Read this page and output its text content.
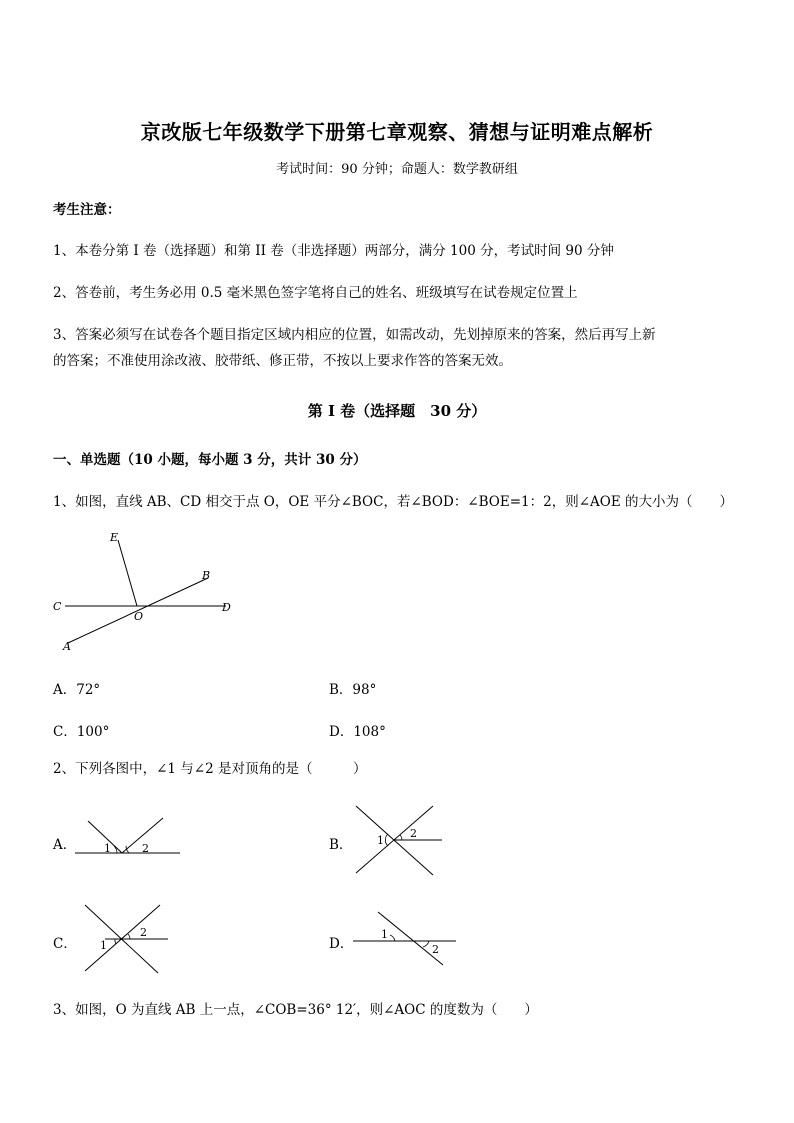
京改版七年级数学下册第七章观察、猜想与证明难点解析
考试时间：90 分钟；命题人：数学教研组
考生注意：
1、本卷分第 I 卷（选择题）和第 II 卷（非选择题）两部分，满分 100 分，考试时间 90 分钟
2、答卷前，考生务必用 0.5 毫米黑色签字笔将自己的姓名、班级填写在试卷规定位置上
3、答案必须写在试卷各个题目指定区域内相应的位置，如需改动，先划掉原来的答案，然后再写上新
的答案；不准使用涂改液、胶带纸、修正带，不按以上要求作答的答案无效。
第 I 卷（选择题　30 分）
一、单选题（10 小题，每小题 3 分，共计 30 分）
1、如图，直线 AB、CD 相交于点 O，OE 平分∠BOC，若∠BOD：∠BOE=1：2，则∠AOE 的大小为（　　）
E
B
C
O
D
A
A．72°	B．98°
C．100°	D．108°
2、下列各图中，∠1 与∠2 是对顶角的是（　　　）
A．	1	2	B． 1
2
C． 1
2
D．
1
2
3、如图，O 为直线 AB 上一点，∠COB=36° 12′，则∠AOC 的度数为（　　）
